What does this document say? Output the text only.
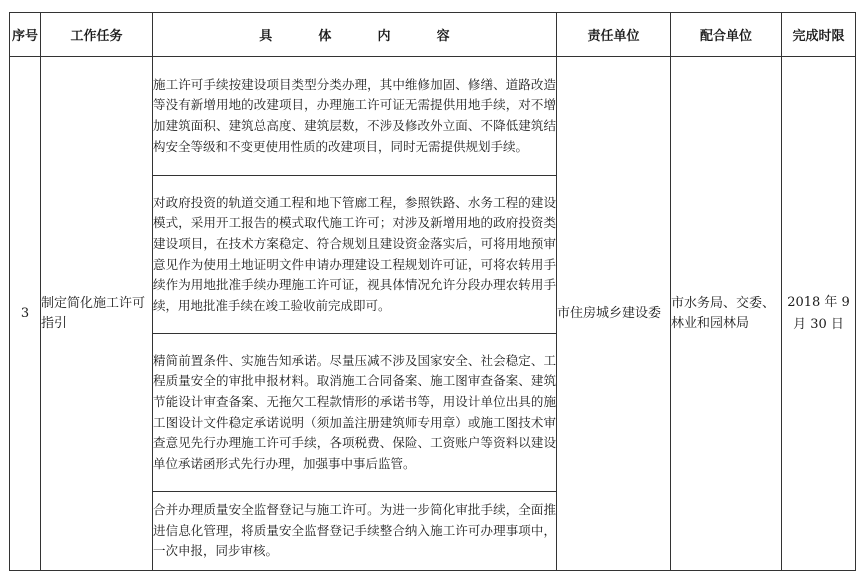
序号	工作任务	具 体 内 容	责任单位	配合单位	完成时限
3	制定简化施工许可指引	施工许可手续按建设项目类型分类办理，其中维修加固、修缮、道路改造等没有新增用地的改建项目，办理施工许可证无需提供用地手续，对不增加建筑面积、建筑总高度、建筑层数，不涉及修改外立面、不降低建筑结构安全等级和不变更使用性质的改建项目，同时无需提供规划手续。	市住房城乡建设委	市水务局、交委、林业和园林局	2018 年 9 月 30 日
		对政府投资的轨道交通工程和地下管廊工程，参照铁路、水务工程的建设模式，采用开工报告的模式取代施工许可；对涉及新增用地的政府投资类建设项目，在技术方案稳定、符合规划且建设资金落实后，可将用地预审意见作为使用土地证明文件申请办理建设工程规划许可证，可将农转用手续作为用地批准手续办理施工许可证，视具体情况允许分段办理农转用手续，用地批准手续在竣工验收前完成即可。			
		精简前置条件、实施告知承诺。尽量压减不涉及国家安全、社会稳定、工程质量安全的审批申报材料。取消施工合同备案、施工图审查备案、建筑节能设计审查备案、无拖欠工程款情形的承诺书等，用设计单位出具的施工图设计文件稳定承诺说明（须加盖注册建筑师专用章）或施工图技术审查意见先行办理施工许可手续，各项税费、保险、工资账户等资料以建设单位承诺函形式先行办理，加强事中事后监管。			
		合并办理质量安全监督登记与施工许可。为进一步简化审批手续，全面推进信息化管理，将质量安全监督登记手续整合纳入施工许可办理事项中，一次申报，同步审核。			
